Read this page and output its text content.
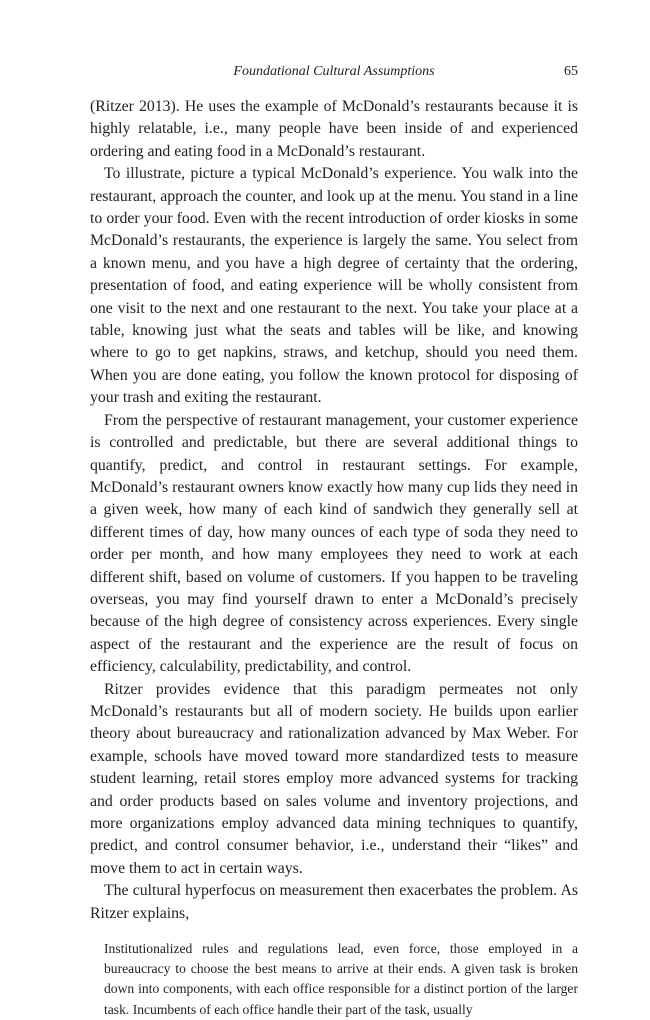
Foundational Cultural Assumptions	65

(Ritzer 2013). He uses the example of McDonald’s restaurants because it is highly relatable, i.e., many people have been inside of and experienced ordering and eating food in a McDonald’s restaurant.

To illustrate, picture a typical McDonald’s experience. You walk into the restaurant, approach the counter, and look up at the menu. You stand in a line to order your food. Even with the recent introduction of order kiosks in some McDonald’s restaurants, the experience is largely the same. You select from a known menu, and you have a high degree of certainty that the ordering, presentation of food, and eating experience will be wholly consistent from one visit to the next and one restaurant to the next. You take your place at a table, knowing just what the seats and tables will be like, and knowing where to go to get napkins, straws, and ketchup, should you need them. When you are done eating, you follow the known protocol for disposing of your trash and exiting the restaurant.

From the perspective of restaurant management, your customer experience is controlled and predictable, but there are several additional things to quantify, predict, and control in restaurant settings. For example, McDonald’s restaurant owners know exactly how many cup lids they need in a given week, how many of each kind of sandwich they generally sell at different times of day, how many ounces of each type of soda they need to order per month, and how many employees they need to work at each different shift, based on volume of customers. If you happen to be traveling overseas, you may find yourself drawn to enter a McDonald’s precisely because of the high degree of consistency across experiences. Every single aspect of the restaurant and the experience are the result of focus on efficiency, calculability, predictability, and control.

Ritzer provides evidence that this paradigm permeates not only McDonald’s restaurants but all of modern society. He builds upon earlier theory about bureaucracy and rationalization advanced by Max Weber. For example, schools have moved toward more standardized tests to measure student learning, retail stores employ more advanced systems for tracking and order products based on sales volume and inventory projections, and more organizations employ advanced data mining techniques to quantify, predict, and control consumer behavior, i.e., understand their “likes” and move them to act in certain ways.

The cultural hyperfocus on measurement then exacerbates the problem. As Ritzer explains,

Institutionalized rules and regulations lead, even force, those employed in a bureaucracy to choose the best means to arrive at their ends. A given task is broken down into components, with each office responsible for a distinct portion of the larger task. Incumbents of each office handle their part of the task, usually
